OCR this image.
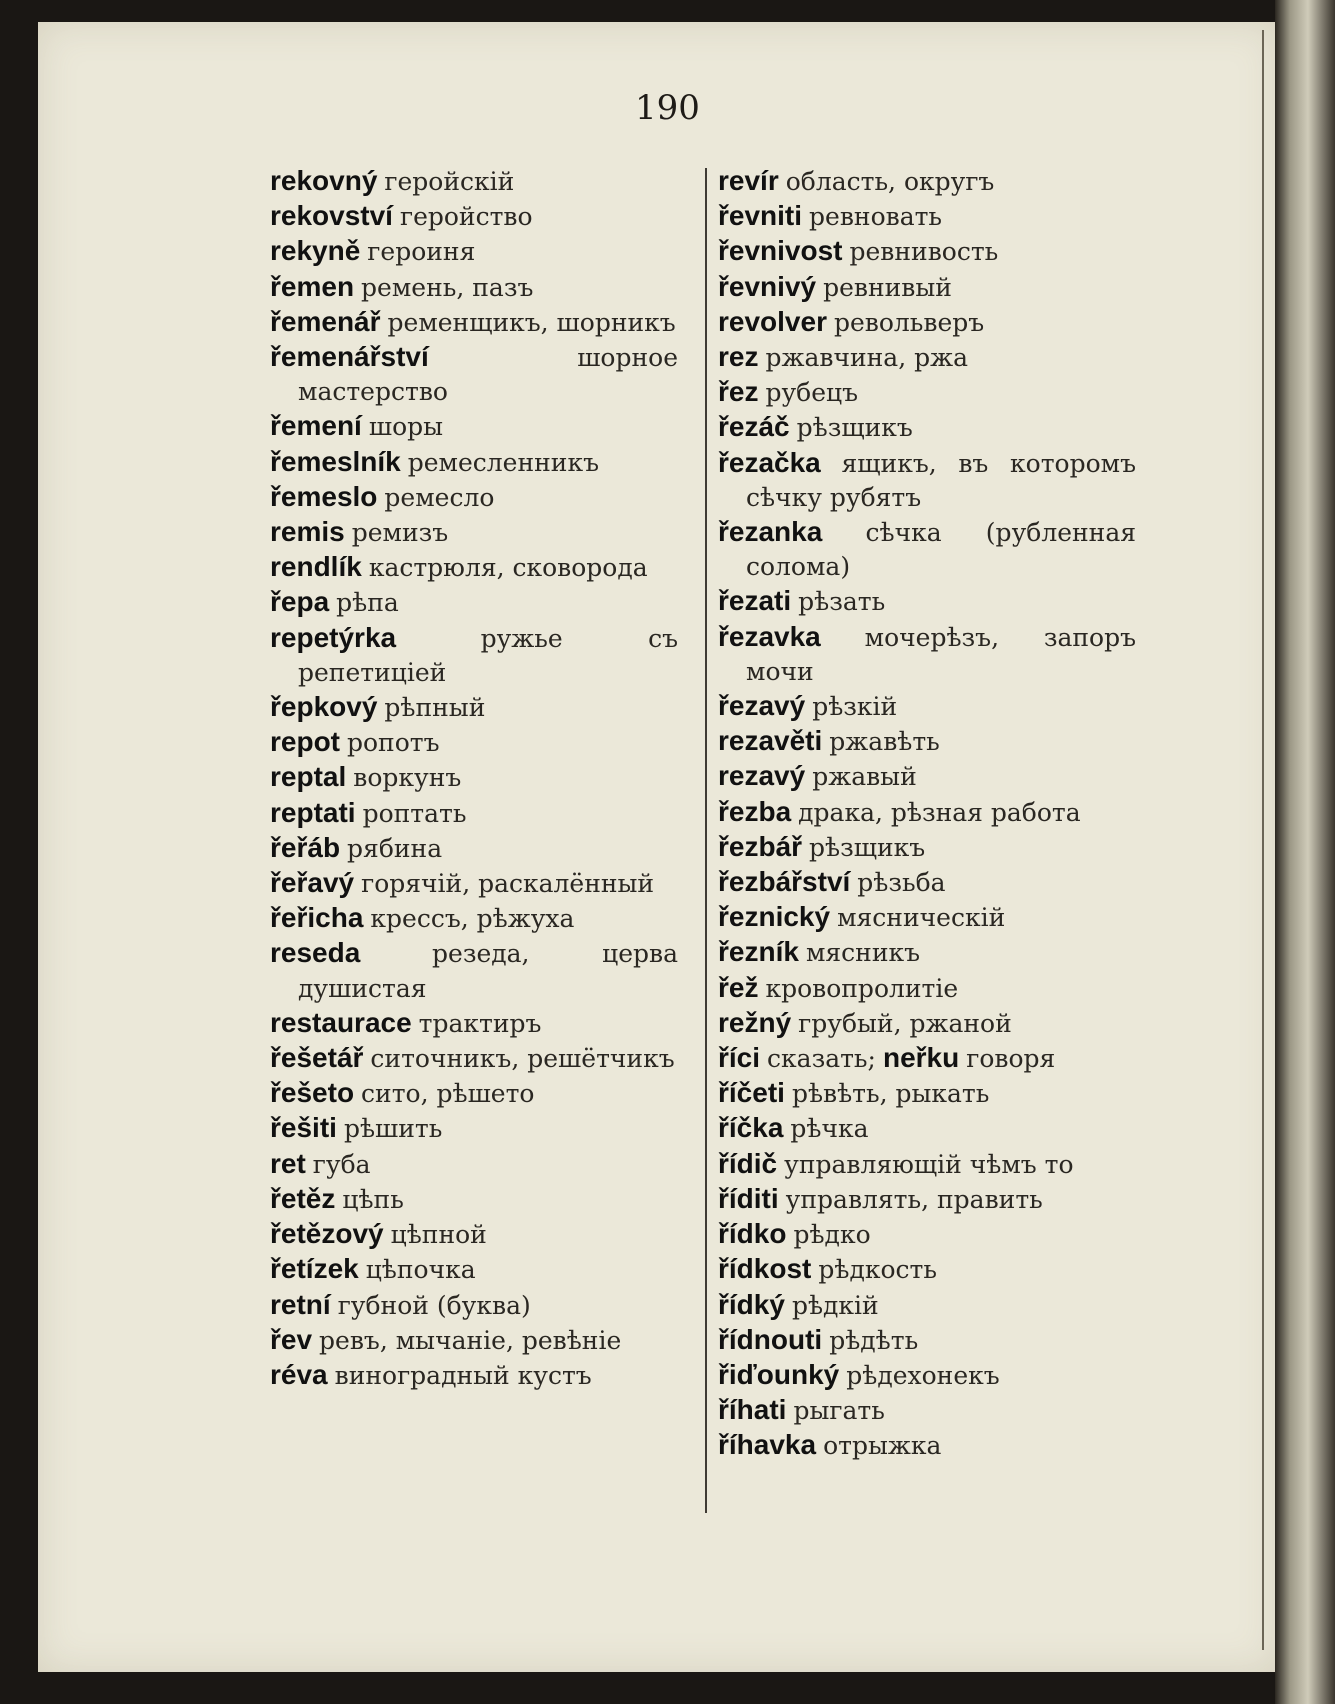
190

rekovný геройскій

rekovství геройство

rekyně героиня

řemen ремень, пазъ

řemenář ременщикъ, шорникъ

řemenářství	шорное мастерство

řemení шоры

řemeslník ремесленникъ

řemeslo ремесло

remis ремизъ

rendlík кастрюля, сковорода

řepa рѣпа

repetýrka	ружье съ репетиціей

řepkový рѣпный

repot ропотъ

reptal воркунъ

reptati роптать

řeřáb рябина

řeřavý горячій, раскалённый

řeřicha крессъ, рѣжуха

reseda	резеда, церва душистая

restaurace трактиръ

řešetář ситочникъ, решётчикъ

řešeto сито, рѣшето

řešiti рѣшить

ret губа

řetěz цѣпь

řetězový цѣпной

řetízek цѣпочка

retní губной (буква)

řev ревъ, мычаніе, ревѣніе

réva виноградный кустъ

revír область, округъ

řevniti ревновать

řevnivost ревнивость

řevnivý ревнивый

revolver револьверъ

rez ржавчина, ржа

řez рубецъ

řezáč рѣзщикъ

řezačka ящикъ, въ которомъ сѣчку рубятъ

řezanka сѣчка (рубленная солома)

řezati рѣзать

řezavka мочерѣзъ, запоръ мочи

řezavý рѣзкій

rezavěti ржавѣть

rezavý ржавый

řezba драка, рѣзная работа

řezbář рѣзщикъ

řezbářství рѣзьба

řeznický мясническій

řezník мясникъ

řež кровопролитіе

režný грубый, ржаной

říci сказать; neřku говоря

říčeti рѣвѣть, рыкать

říčka рѣчка

řídič управляющій чѣмъ то

říditi управлять, править

řídko рѣдко

řídkost рѣдкость

řídký рѣдкій

řídnouti рѣдѣть

řiďounký рѣдехонекъ

říhati рыгать

říhavka отрыжка
